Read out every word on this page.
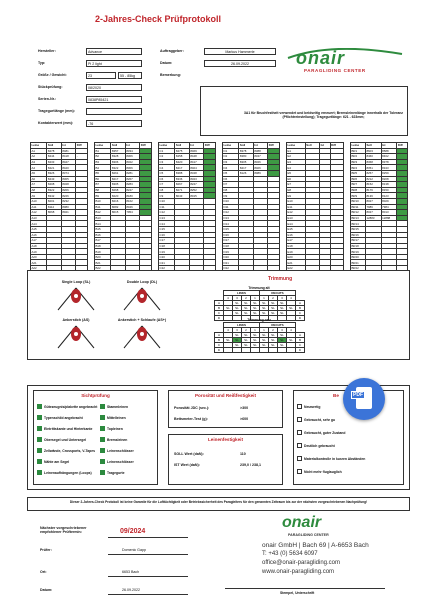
2-Jahres-Check Prüfprotokoll
onair
PARAGLIDING CENTER
Hersteller:	Advance
Typ:	Pi 2 light
Größe / Gewicht:	23	55 - 85kg
Stückprüfung:	08/2020
Serien-Nr.:	0838P85421
Tragegurtlänge (mm):
Kontakterwert (mm):	-76
Auftraggeber:	Markus Hammerle
Datum:	26.09.2022
Bemerkung:
3A1 für Bruchfestheit verwendet und beidseitig erneuert; Bremsleinenlänge innerhalb der Toleranz (Pflichtreinstellung); Tragegurtlänge: 621 - 623mm;
Leine	Soll	Ist	Diff
A1	8478	8481	
A2	8444	8418	-
A3	8433	8427	
A4	8421	8420	
A5	8326	8374	
A6	8443	8305	
A7	8408	8328	
A8	8322	8206	
A9	8342	8226	
A10	8201	8232	
A11	8112	8080	
A12	8068	8021	
A13			
A14			
A15			
A16			
A17			
A18			
A19			
A20			
A21			
A22			
Leine	Soll	Ist	Diff
B1	8357	8334	
B2	8328	8306	
B3	8306	8322	
B4	8322	8306	
B5	8261	8281	
B6	8217	8267	
B7	8305	8283	
B8	8268	8247	
B9	8220	8180	
B10	8216	8162	
B11	8082	8046	
B12	8015	7954	
B13			
B14			
B15			
B16			
B17			
B18			
B19			
B20			
B21			
B22			
Leine	Soll	Ist	Diff
C1	8475	8469	
C2	8458	8448	
C3	8420	8417	
C4	8417	8404	
C5	8388	8348	
C6	8336	8323	
C7	8267	8247	
C8	8271	8252	
C9	8043	8015	
C10			
C11			
C12			
C13			
C14			
C15			
C16			
C17			
C18			
C19			
C20			
C21			
C22			
Leine	Soll	Ist	Diff
D1	8378	8388	
D2	8380	8347	
D3	8305	8326	
D4	8417	8406	
D5	8126	8089	
D6			
D7			
D8			
D9			
D10			
D11			
D12			
D13			
D14			
D15			
D16			
D17			
D18			
D19			
D20			
D21			
D22			
Leine	Soll	Ist	Diff
E1			
E2			
E3			
E4			
E5			
E6			
E7			
E8			
E9			
E10			
E11			
E12			
E13			
E14			
E15			
E16			
E17			
E18			
E19			
E20			
E21			
E22			
Leine	Soll	Ist	Diff
BR1	8603	8588	
BR2	8460	8462	
BR3	8368	8378	
BR4	8351	8343	
BR5	8257	8259	
BR6	8212	8208	
BR7	8152	8138	
BR8	8176	8150	
BR9	8136	8123	
BR10	8027	8029	
BR11	7986	7984	
BR12	8027	8013	
BR13	12883	12888	
BR14			
BR15			
BR16			
BR17			
BR18			
BR19			
BR20			
BR21			
BR22			
Single Loop (SL)	Double Loop (DL)
Ankerstich (AS)	Ankerstich + Schlaufe (AS+)
Trimmung
Trimmung alt
	LINKS				RECHTS				
	4	3	2	1	1	2	3	4	
A		SL	SL	SL	SL	SL	SL		A
B	SL	SL	SL	SL	SL	SL	SL	SL	B
C		SL	SL	SL	SL	SL	SL		C
D									D
Trimmung neu
	LINKS				RECHTS				
	4	3	2	1	1	2	3	4	
A		SL	SL	SL	SL	SL	SL		A
B	SL	SL	SL	SL	SL	SL	SL	SL	B
C		SL	SL	SL	SL	SL	SL		C
D									D
Sichtprüfung
Gütezeugnis/plakette angebracht
Typenschild angebracht
Eintrittskante und Hinterkante
Obersegel und Untersegel
Zellwände, Crossports, V-Tapes
Nähte am Segel
Leinenaufhängungen (Loops)
Stammleinen
Mittelleinen
Topleinen
Bremsleinen
Leinenschlösser
Leinenschlösser
Tragegurte
Porosität und Reißfestigkeit
Porosität JDC (sec.):	>300
Bettsmeter-Test (g):	>600
Leinenfestigkeit
SOLL Wert (daN):	110
IST Wert (daN):	239,0 / 238,1
Be
Neuwertig
Gebraucht, sehr gu
Gebraucht, guter Zustand
Deutlich gebraucht
Materialkontrolle in kurzen Abständen
Nicht mehr fluglauglich
PDF
Dieser 2-Jahres-Check Protokoll ist keine Garantie für die Lufttüchtigkeit oder Betriebssicherheit des Paragleiters für den genannten Zeitraum bis zur der nächsten vorgeschriebenen Nachprüfung!
Nächster vorgeschriebener empfohlener Prüftermin:	09/2024
Prüfer:	Domenic Gapp
Ort:	6653 Bach
Datum:	26.09.2022
onair
PARAGLIDING CENTER
onair GmbH | Bach 69 | A-6653 Bach
T: +43 (0) 5634 6097
office@onair-paragliding.com
www.onair-paragliding.com
Stempel, Unterschrift
